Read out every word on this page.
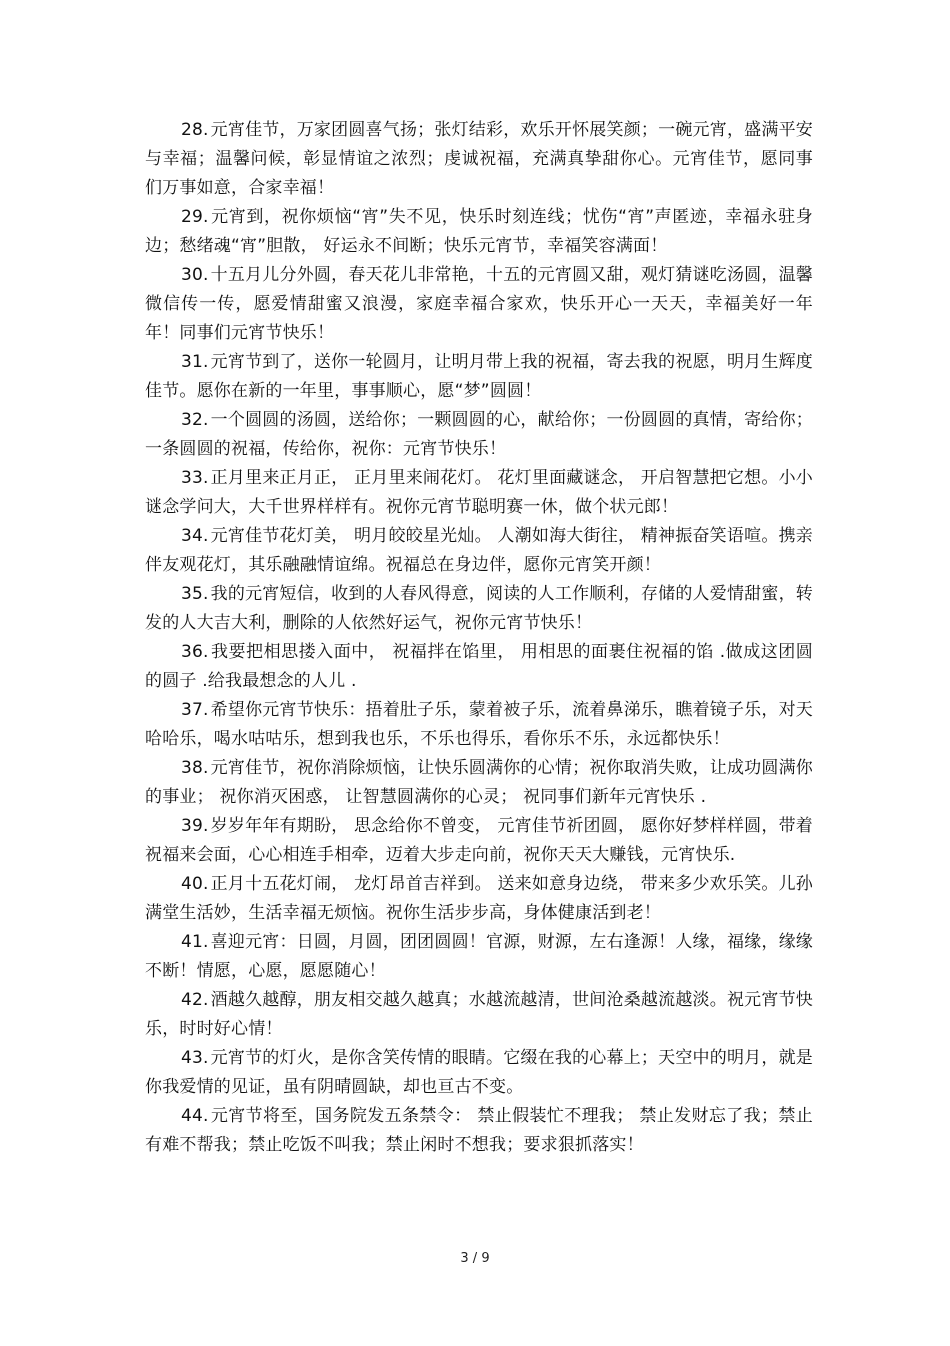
28. 元宵佳节，万家团圆喜气扬；张灯结彩，欢乐开怀展笑颜；一碗元宵，盛满平安与幸福；温馨问候，彰显情谊之浓烈；虔诚祝福，充满真挚甜你心。元宵佳节，愿同事们万事如意，合家幸福！

29. 元宵到，祝你烦恼“宵”失不见，快乐时刻连线；忧伤“宵”声匿迹，幸福永驻身边；愁绪魂“宵”胆散， 好运永不间断；快乐元宵节，幸福笑容满面！

30. 十五月儿分外圆，春天花儿非常艳，十五的元宵圆又甜，观灯猜谜吃汤圆，温馨微信传一传，愿爱情甜蜜又浪漫，家庭幸福合家欢，快乐开心一天天，幸福美好一年年！同事们元宵节快乐！

31. 元宵节到了，送你一轮圆月，让明月带上我的祝福，寄去我的祝愿，明月生辉度佳节。愿你在新的一年里，事事顺心，愿“梦”圆圆！

32. 一个圆圆的汤圆，送给你；一颗圆圆的心，献给你；一份圆圆的真情，寄给你；一条圆圆的祝福，传给你，祝你：元宵节快乐！

33. 正月里来正月正， 正月里来闹花灯。 花灯里面藏谜念， 开启智慧把它想。小小谜念学问大，大千世界样样有。祝你元宵节聪明赛一休，做个状元郎！

34. 元宵佳节花灯美， 明月皎皎星光灿。 人潮如海大街往， 精神振奋笑语喧。携亲伴友观花灯，其乐融融情谊绵。祝福总在身边伴，愿你元宵笑开颜！

35. 我的元宵短信，收到的人春风得意，阅读的人工作顺利，存储的人爱情甜蜜，转发的人大吉大利，删除的人依然好运气，祝你元宵节快乐！

36. 我要把相思搂入面中， 祝福拌在馅里， 用相思的面裹住祝福的馅 .做成这团圆的圆子 .给我最想念的人儿 .

37. 希望你元宵节快乐：捂着肚子乐，蒙着被子乐，流着鼻涕乐，瞧着镜子乐，对天哈哈乐，喝水咕咕乐，想到我也乐，不乐也得乐，看你乐不乐，永远都快乐！

38. 元宵佳节，祝你消除烦恼，让快乐圆满你的心情；祝你取消失败，让成功圆满你的事业； 祝你消灭困惑， 让智慧圆满你的心灵； 祝同事们新年元宵快乐 .

39. 岁岁年年有期盼， 思念给你不曾变， 元宵佳节祈团圆， 愿你好梦样样圆，带着祝福来会面，心心相连手相牵，迈着大步走向前，祝你天天大赚钱，元宵快乐.

40. 正月十五花灯闹， 龙灯昂首吉祥到。 送来如意身边绕， 带来多少欢乐笑。儿孙满堂生活妙，生活幸福无烦恼。祝你生活步步高，身体健康活到老！

41. 喜迎元宵：日圆，月圆，团团圆圆！官源，财源，左右逢源！人缘，福缘，缘缘不断！情愿，心愿，愿愿随心！

42. 酒越久越醇，朋友相交越久越真；水越流越清，世间沧桑越流越淡。祝元宵节快乐，时时好心情！

43. 元宵节的灯火，是你含笑传情的眼睛。它缀在我的心幕上；天空中的明月，就是你我爱情的见证，虽有阴晴圆缺，却也亘古不变。

44. 元宵节将至，国务院发五条禁令： 禁止假装忙不理我； 禁止发财忘了我；禁止有难不帮我；禁止吃饭不叫我；禁止闲时不想我；要求狠抓落实！

3 / 9
